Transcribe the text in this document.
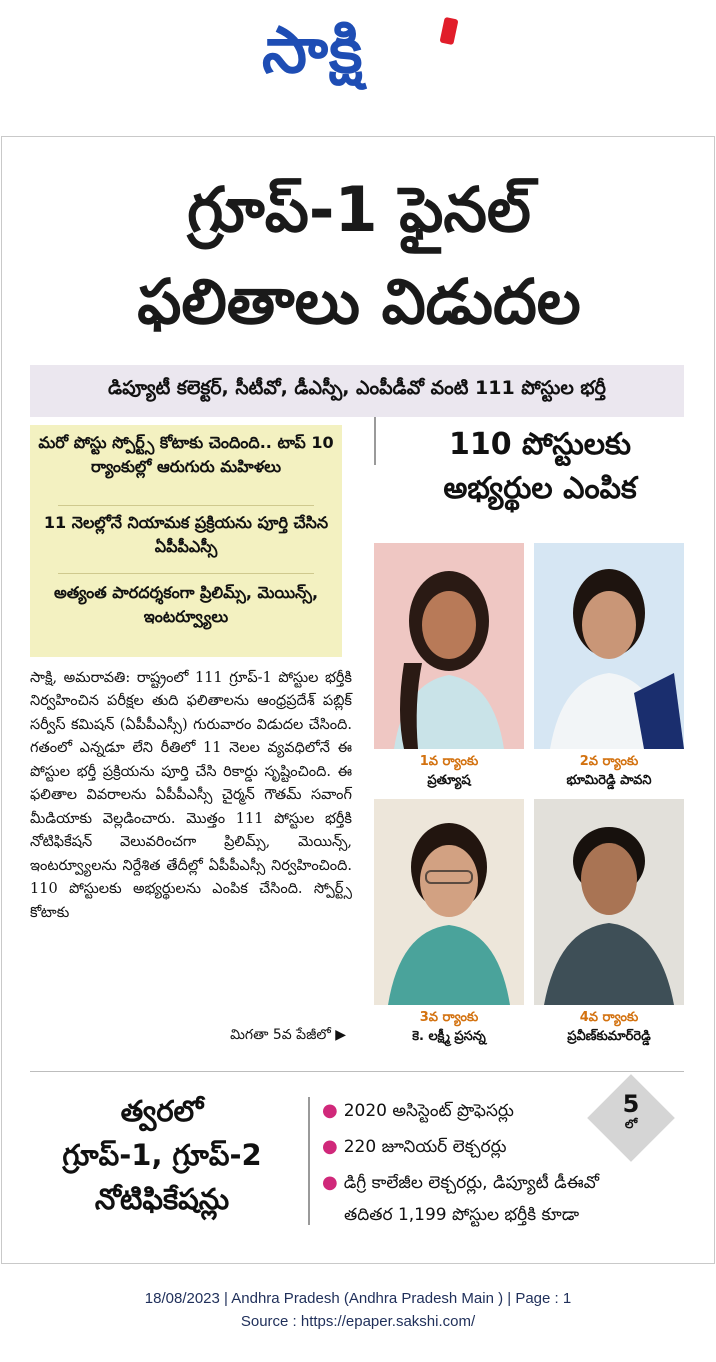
సాక్షి
గ్రూప్‌-1 ఫైనల్‌
ఫలితాలు విడుదల
డిప్యూటీ కలెక్టర్, సీటీవో, డీఎస్పీ, ఎంపీడీవో వంటి 111 పోస్టుల భర్తీ
మరో పోస్టు స్పోర్ట్స్ కోటాకు చెందింది.. టాప్ 10 ర్యాంకుల్లో ఆరుగురు మహిళలు
11 నెలల్లోనే నియామక ప్రక్రియను పూర్తి చేసిన ఏపీపీఎస్సీ
అత్యంత పారదర్శకంగా ప్రిలిమ్స్, మెయిన్స్, ఇంటర్వ్యూలు
110 పోస్టులకు అభ్యర్థుల ఎంపిక
సాక్షి, అమరావతి: రాష్ట్రంలో 111 గ్రూప్‌-1 పోస్టుల భర్తీకి నిర్వహించిన పరీక్షల తుది ఫలితాలను ఆంధ్రప్రదేశ్ పబ్లిక్ సర్వీస్ కమిషన్ (ఏపీపీఎస్సీ) గురువారం విడుదల చేసింది. గతంలో ఎన్నడూ లేని రీతిలో 11 నెలల వ్యవధిలోనే ఈ పోస్టుల భర్తీ ప్రక్రియను పూర్తి చేసి రికార్డు సృష్టించింది. ఈ ఫలితాల వివరాలను ఏపీపీఎస్సీ చైర్మన్ గౌతమ్ సవాంగ్ మీడియాకు వెల్లడించారు. మొత్తం 111 పోస్టుల భర్తీకి నోటిఫికేషన్ వెలువరించగా ప్రిలిమ్స్, మెయిన్స్, ఇంటర్వ్యూలను నిర్దేశిత తేదీల్లో ఏపీపీఎస్సీ నిర్వహించింది. 110 పోస్టులకు అభ్యర్థులను ఎంపిక చేసింది. స్పోర్ట్స్ కోటాకు
మిగతా 5వ పేజీలో ▶
1వ ర్యాంకు
ప్రత్యూష
2వ ర్యాంకు
భూమిరెడ్డి పావని
3వ ర్యాంకు
కె. లక్ష్మీ ప్రసన్న
4వ ర్యాంకు
ప్రవీణ్‌కుమార్‌రెడ్డి
త్వరలో
గ్రూప్‌-1, గ్రూప్‌-2
నోటిఫికేషన్లు
● 2020 అసిస్టెంట్ ప్రొఫెసర్లు
● 220 జూనియర్ లెక్చరర్లు
● డిగ్రీ కాలేజీల లెక్చరర్లు, డిప్యూటీ డీఈవో
తదితర 1,199 పోస్టుల భర్తీకి కూడా
5
లో
18/08/2023 | Andhra Pradesh (Andhra Pradesh Main ) | Page : 1
Source : https://epaper.sakshi.com/
